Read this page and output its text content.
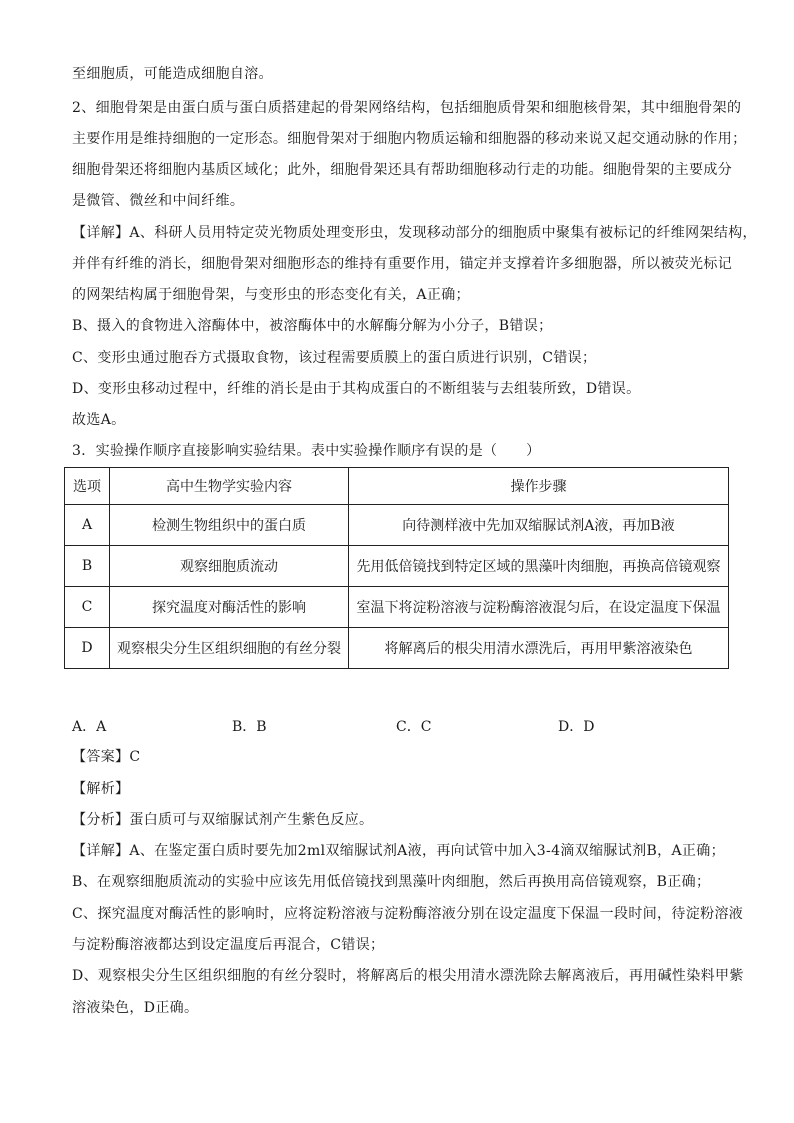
至细胞质，可能造成细胞自溶。
2、细胞骨架是由蛋白质与蛋白质搭建起的骨架网络结构，包括细胞质骨架和细胞核骨架，其中细胞骨架的
主要作用是维持细胞的一定形态。细胞骨架对于细胞内物质运输和细胞器的移动来说又起交通动脉的作用；
细胞骨架还将细胞内基质区域化；此外，细胞骨架还具有帮助细胞移动行走的功能。细胞骨架的主要成分
是微管、微丝和中间纤维。
【详解】A、科研人员用特定荧光物质处理变形虫，发现移动部分的细胞质中聚集有被标记的纤维网架结构，
并伴有纤维的消长，细胞骨架对细胞形态的维持有重要作用，锚定并支撑着许多细胞器，所以被荧光标记
的网架结构属于细胞骨架，与变形虫的形态变化有关，A正确；
B、摄入的食物进入溶酶体中，被溶酶体中的水解酶分解为小分子，B错误；
C、变形虫通过胞吞方式摄取食物，该过程需要质膜上的蛋白质进行识别，C错误；
D、变形虫移动过程中，纤维的消长是由于其构成蛋白的不断组装与去组装所致，D错误。
故选A。
3．实验操作顺序直接影响实验结果。表中实验操作顺序有误的是（　　）
选项	高中生物学实验内容	操作步骤
A	检测生物组织中的蛋白质	向待测样液中先加双缩脲试剂A液，再加B液
B	观察细胞质流动	先用低倍镜找到特定区域的黑藻叶肉细胞，再换高倍镜观察
C	探究温度对酶活性的影响	室温下将淀粉溶液与淀粉酶溶液混匀后，在设定温度下保温
D	观察根尖分生区组织细胞的有丝分裂	将解离后的根尖用清水漂洗后，再用甲紫溶液染色
A．A	B．B	C．C	D．D
【答案】C
【解析】
【分析】蛋白质可与双缩脲试剂产生紫色反应。
【详解】A、在鉴定蛋白质时要先加2ml双缩脲试剂A液，再向试管中加入3-4滴双缩脲试剂B，A正确；
B、在观察细胞质流动的实验中应该先用低倍镜找到黑藻叶肉细胞，然后再换用高倍镜观察，B正确；
C、探究温度对酶活性的影响时，应将淀粉溶液与淀粉酶溶液分别在设定温度下保温一段时间，待淀粉溶液
与淀粉酶溶液都达到设定温度后再混合，C错误；
D、观察根尖分生区组织细胞的有丝分裂时，将解离后的根尖用清水漂洗除去解离液后，再用碱性染料甲紫
溶液染色，D正确。
